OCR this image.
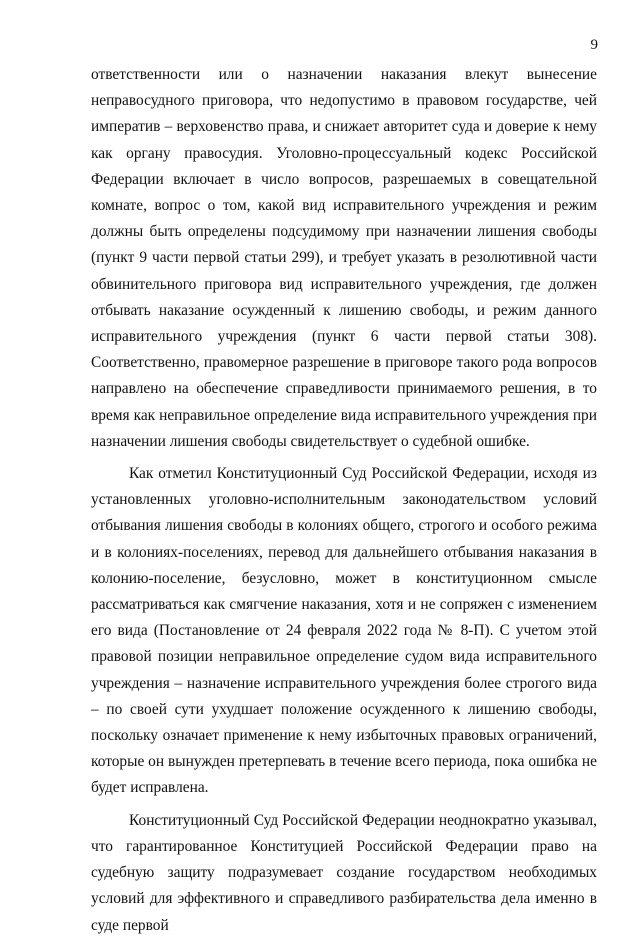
9

ответственности или о назначении наказания влекут вынесение неправосудного приговора, что недопустимо в правовом государстве, чей императив – верховенство права, и снижает авторитет суда и доверие к нему как органу правосудия. Уголовно-процессуальный кодекс Российской Федерации включает в число вопросов, разрешаемых в совещательной комнате, вопрос о том, какой вид исправительного учреждения и режим должны быть определены подсудимому при назначении лишения свободы (пункт 9 части первой статьи 299), и требует указать в резолютивной части обвинительного приговора вид исправительного учреждения, где должен отбывать наказание осужденный к лишению свободы, и режим данного исправительного учреждения (пункт 6 части первой статьи 308). Соответственно, правомерное разрешение в приговоре такого рода вопросов направлено на обеспечение справедливости принимаемого решения, в то время как неправильное определение вида исправительного учреждения при назначении лишения свободы свидетельствует о судебной ошибке.

Как отметил Конституционный Суд Российской Федерации, исходя из установленных уголовно-исполнительным законодательством условий отбывания лишения свободы в колониях общего, строгого и особого режима и в колониях-поселениях, перевод для дальнейшего отбывания наказания в колонию-поселение, безусловно, может в конституционном смысле рассматриваться как смягчение наказания, хотя и не сопряжен с изменением его вида (Постановление от 24 февраля 2022 года № 8-П). С учетом этой правовой позиции неправильное определение судом вида исправительного учреждения – назначение исправительного учреждения более строгого вида – по своей сути ухудшает положение осужденного к лишению свободы, поскольку означает применение к нему избыточных правовых ограничений, которые он вынужден претерпевать в течение всего периода, пока ошибка не будет исправлена.

Конституционный Суд Российской Федерации неоднократно указывал, что гарантированное Конституцией Российской Федерации право на судебную защиту подразумевает создание государством необходимых условий для эффективного и справедливого разбирательства дела именно в суде первой
